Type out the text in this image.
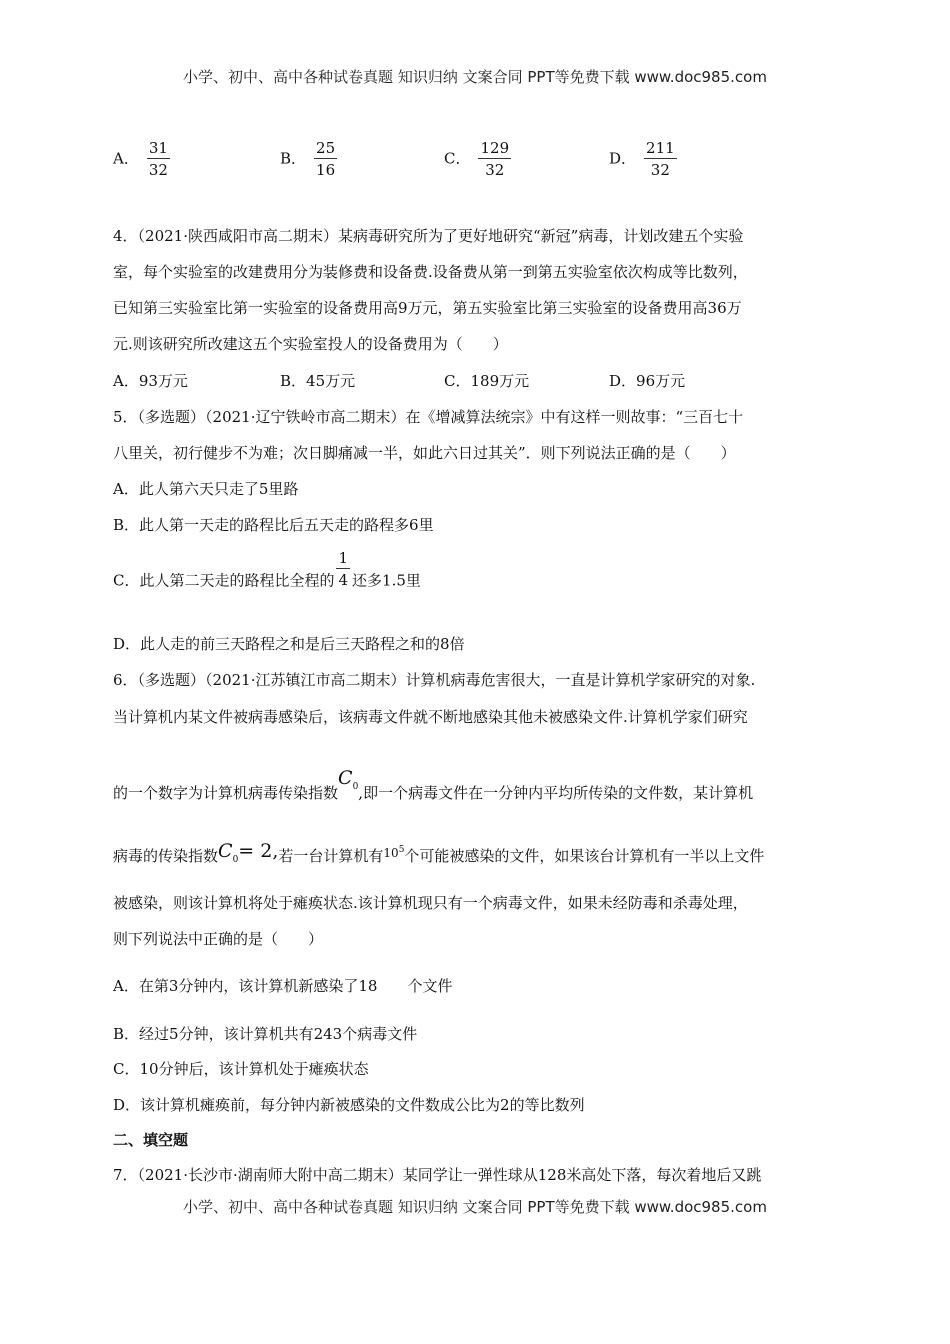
小学、初中、高中各种试卷真题 知识归纳 文案合同 PPT等免费下载 www.doc985.com
A． $\frac{31}{32}$	B． $\frac{25}{16}$	C． $\frac{129}{32}$	D． $\frac{211}{32}$
4．（2021·陕西咸阳市高二期末）某病毒研究所为了更好地研究“新冠”病毒，计划改建五个实验
室，每个实验室的改建费用分为装修费和设备费.设备费从第一到第五实验室依次构成等比数列，
已知第三实验室比第一实验室的设备费用高9万元，第五实验室比第三实验室的设备费用高36万
元.则该研究所改建这五个实验室投人的设备费用为（　　）
A．93万元	B．45万元	C．189万元	D．96万元
5．（多选题）（2021·辽宁铁岭市高二期末）在《增减算法统宗》中有这样一则故事：“三百七十
八里关，初行健步不为难；次日脚痛减一半，如此六日过其关”．则下列说法正确的是（　　）
A．此人第六天只走了5里路
B．此人第一天走的路程比后五天走的路程多6里
C．此人第二天走的路程比全程的 $\frac{1}{4}$ 还多1.5里
D．此人走的前三天路程之和是后三天路程之和的8倍
6．（多选题）（2021·江苏镇江市高二期末）计算机病毒危害很大，一直是计算机学家研究的对象.
当计算机内某文件被病毒感染后，该病毒文件就不断地感染其他未被感染文件.计算机学家们研究
的一个数字为计算机病毒传染指数$C_0$,即一个病毒文件在一分钟内平均所传染的文件数，某计算机
病毒的传染指数$C_0= 2$,若一台计算机有$^{10^5}$个可能被感染的文件，如果该台计算机有一半以上文件
被感染，则该计算机将处于瘫痪状态.该计算机现只有一个病毒文件，如果未经防毒和杀毒处理，
则下列说法中正确的是（　　）
A．在第3分钟内，该计算机新感染了18 个文件
B．经过5分钟，该计算机共有243个病毒文件
C．10分钟后，该计算机处于瘫痪状态
D．该计算机瘫痪前，每分钟内新被感染的文件数成公比为2的等比数列
二、填空题
7．（2021·长沙市·湖南师大附中高二期末）某同学让一弹性球从128米高处下落，每次着地后又跳
小学、初中、高中各种试卷真题 知识归纳 文案合同 PPT等免费下载 www.doc985.com
